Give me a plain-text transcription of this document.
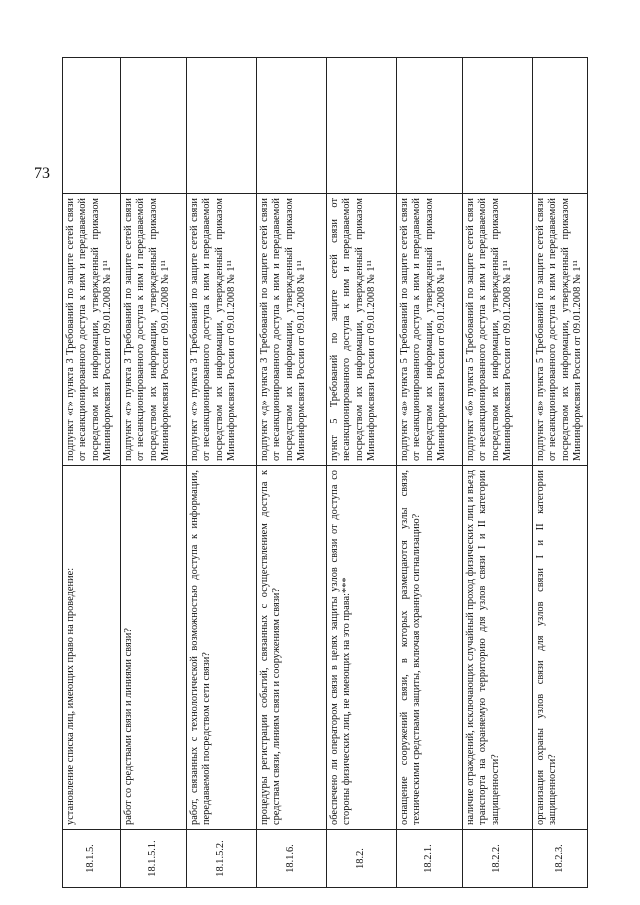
73
18.1.5.	установление списка лиц, имеющих право на проведение:	подпункт «г» пункта 3 Требований по защите сетей связи от несанкционированного доступа к ним и передаваемой посредством их информации, утвержденный приказом Мининформсвязи России от 09.01.2008 № 1¹¹	
18.1.5.1.	работ со средствами связи и линиями связи?	подпункт «г» пункта 3 Требований по защите сетей связи от несанкционированного доступа к ним и передаваемой посредством их информации, утвержденный приказом Мининформсвязи России от 09.01.2008 № 1¹¹	
18.1.5.2.	работ, связанных с технологической возможностью доступа к информации, передаваемой посредством сети связи?	подпункт «г» пункта 3 Требований по защите сетей связи от несанкционированного доступа к ним и передаваемой посредством их информации, утвержденный приказом Мининформсвязи России от 09.01.2008 № 1¹¹	
18.1.6.	процедуры регистрации событий, связанных с осуществлением доступа к средствам связи, линиям связи и сооружениям связи?	подпункт «д» пункта 3 Требований по защите сетей связи от несанкционированного доступа к ним и передаваемой посредством их информации, утвержденный приказом Мининформсвязи России от 09.01.2008 № 1¹¹	
18.2.	обеспечено ли оператором связи в целях защиты узлов связи от доступа со стороны физических лиц, не имеющих на это права:***	пункт 5 Требований по защите сетей связи от несанкционированного доступа к ним и передаваемой посредством их информации, утвержденный приказом Мининформсвязи России от 09.01.2008 № 1¹¹	
18.2.1.	оснащение сооружений связи, в которых размещаются узлы связи, техническими средствами защиты, включая охранную сигнализацию?	подпункт «а» пункта 5 Требований по защите сетей связи от несанкционированного доступа к ним и передаваемой посредством их информации, утвержденный приказом Мининформсвязи России от 09.01.2008 № 1¹¹	
18.2.2.	наличие ограждений, исключающих случайный проход физических лиц и въезд транспорта на охраняемую территорию для узлов связи I и II категории защищенности?	подпункт «б» пункта 5 Требований по защите сетей связи от несанкционированного доступа к ним и передаваемой посредством их информации, утвержденный приказом Мининформсвязи России от 09.01.2008 № 1¹¹	
18.2.3.	организация охраны узлов связи для узлов связи I и II категории защищенности?	подпункт «в» пункта 5 Требований по защите сетей связи от несанкционированного доступа к ним и передаваемой посредством их информации, утвержденный приказом Мининформсвязи России от 09.01.2008 № 1¹¹	
